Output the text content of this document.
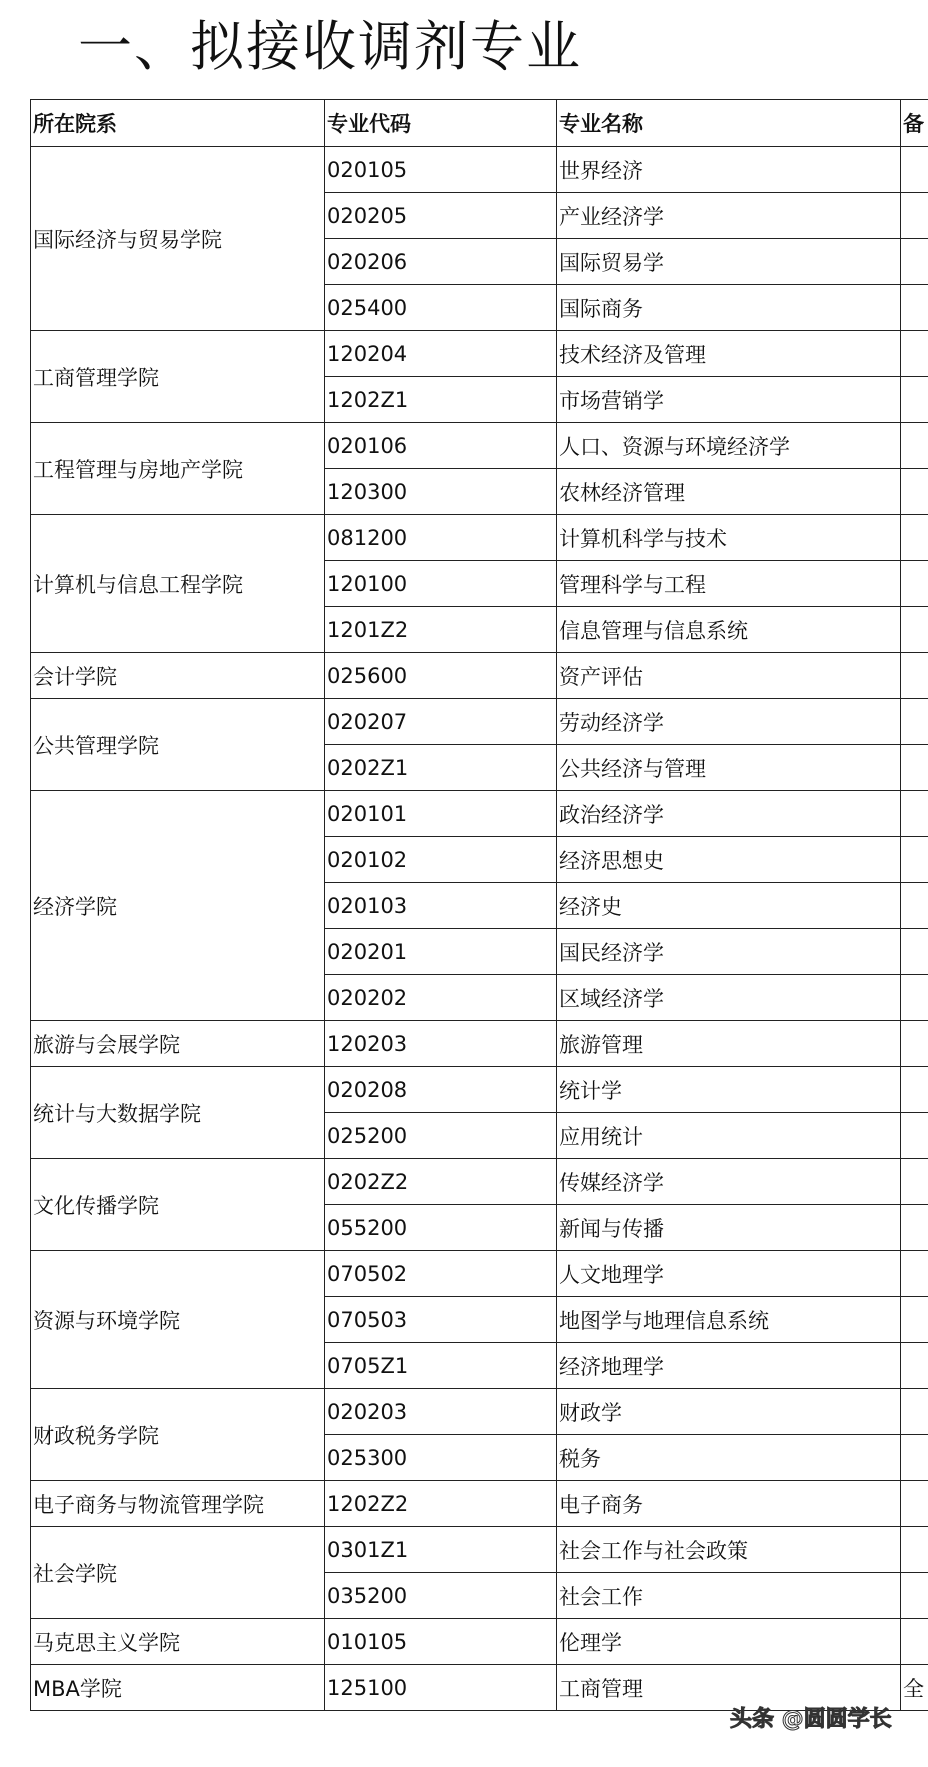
一、拟接收调剂专业
所在院系	专业代码	专业名称	备
国际经济与贸易学院	020105	世界经济	
	020205	产业经济学	
	020206	国际贸易学	
	025400	国际商务	
工商管理学院	120204	技术经济及管理	
	1202Z1	市场营销学	
工程管理与房地产学院	020106	人口、资源与环境经济学	
	120300	农林经济管理	
计算机与信息工程学院	081200	计算机科学与技术	
	120100	管理科学与工程	
	1201Z2	信息管理与信息系统	
会计学院	025600	资产评估	
公共管理学院	020207	劳动经济学	
	0202Z1	公共经济与管理	
经济学院	020101	政治经济学	
	020102	经济思想史	
	020103	经济史	
	020201	国民经济学	
	020202	区域经济学	
旅游与会展学院	120203	旅游管理	
统计与大数据学院	020208	统计学	
	025200	应用统计	
文化传播学院	0202Z2	传媒经济学	
	055200	新闻与传播	
资源与环境学院	070502	人文地理学	
	070503	地图学与地理信息系统	
	0705Z1	经济地理学	
财政税务学院	020203	财政学	
	025300	税务	
电子商务与物流管理学院	1202Z2	电子商务	
社会学院	0301Z1	社会工作与社会政策	
	035200	社会工作	
马克思主义学院	010105	伦理学	
MBA学院	125100	工商管理	全
头条 @圆圆学长
